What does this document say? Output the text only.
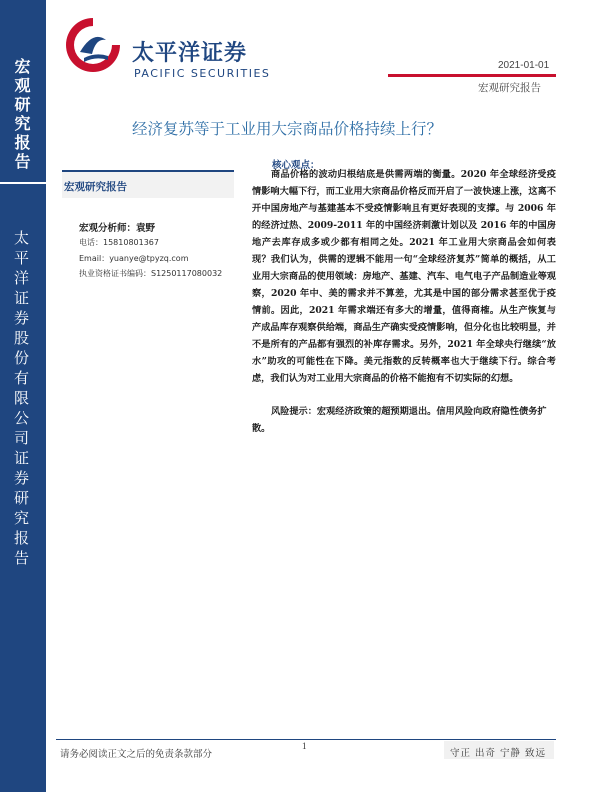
宏观研究报告
太平洋证券股份有限公司证券研究报告
太平洋证券
PACIFIC SECURITIES
2021-01-01
宏观研究报告
经济复苏等于工业用大宗商品价格持续上行？
宏观研究报告
宏观分析师：袁野
电话：15810801367
Email：yuanye@tpyzq.com
执业资格证书编码：S1250117080032
核心观点：

商品价格的波动归根结底是供需两端的衡量。2020 年全球经济受疫情影响大幅下行，而工业用大宗商品价格反而开启了一波快速上涨，这离不开中国房地产与基建基本不受疫情影响且有更好表现的支撑。与 2006 年的经济过热、2009-2011 年的中国经济刺激计划以及 2016 年的中国房地产去库存成多或少都有相同之处。2021 年工业用大宗商品会如何表现？我们认为，供需的逻辑不能用一句“全球经济复苏”简单的概括，从工业用大宗商品的使用领域：房地产、基建、汽车、电气电子产品制造业等观察，2020 年中、美的需求并不算差，尤其是中国的部分需求甚至优于疫情前。因此，2021 年需求端还有多大的增量，值得商榷。从生产恢复与产成品库存观察供给端，商品生产确实受疫情影响，但分化也比较明显，并不是所有的产品都有强烈的补库存需求。另外，2021 年全球央行继续“放水”助攻的可能性在下降。美元指数的反转概率也大于继续下行。综合考虑，我们认为对工业用大宗商品的价格不能抱有不切实际的幻想。

风险提示：宏观经济政策的超预期退出。信用风险向政府隐性债务扩散。

请务必阅读正文之后的免责条款部分
1
守正 出奇 宁静 致远
